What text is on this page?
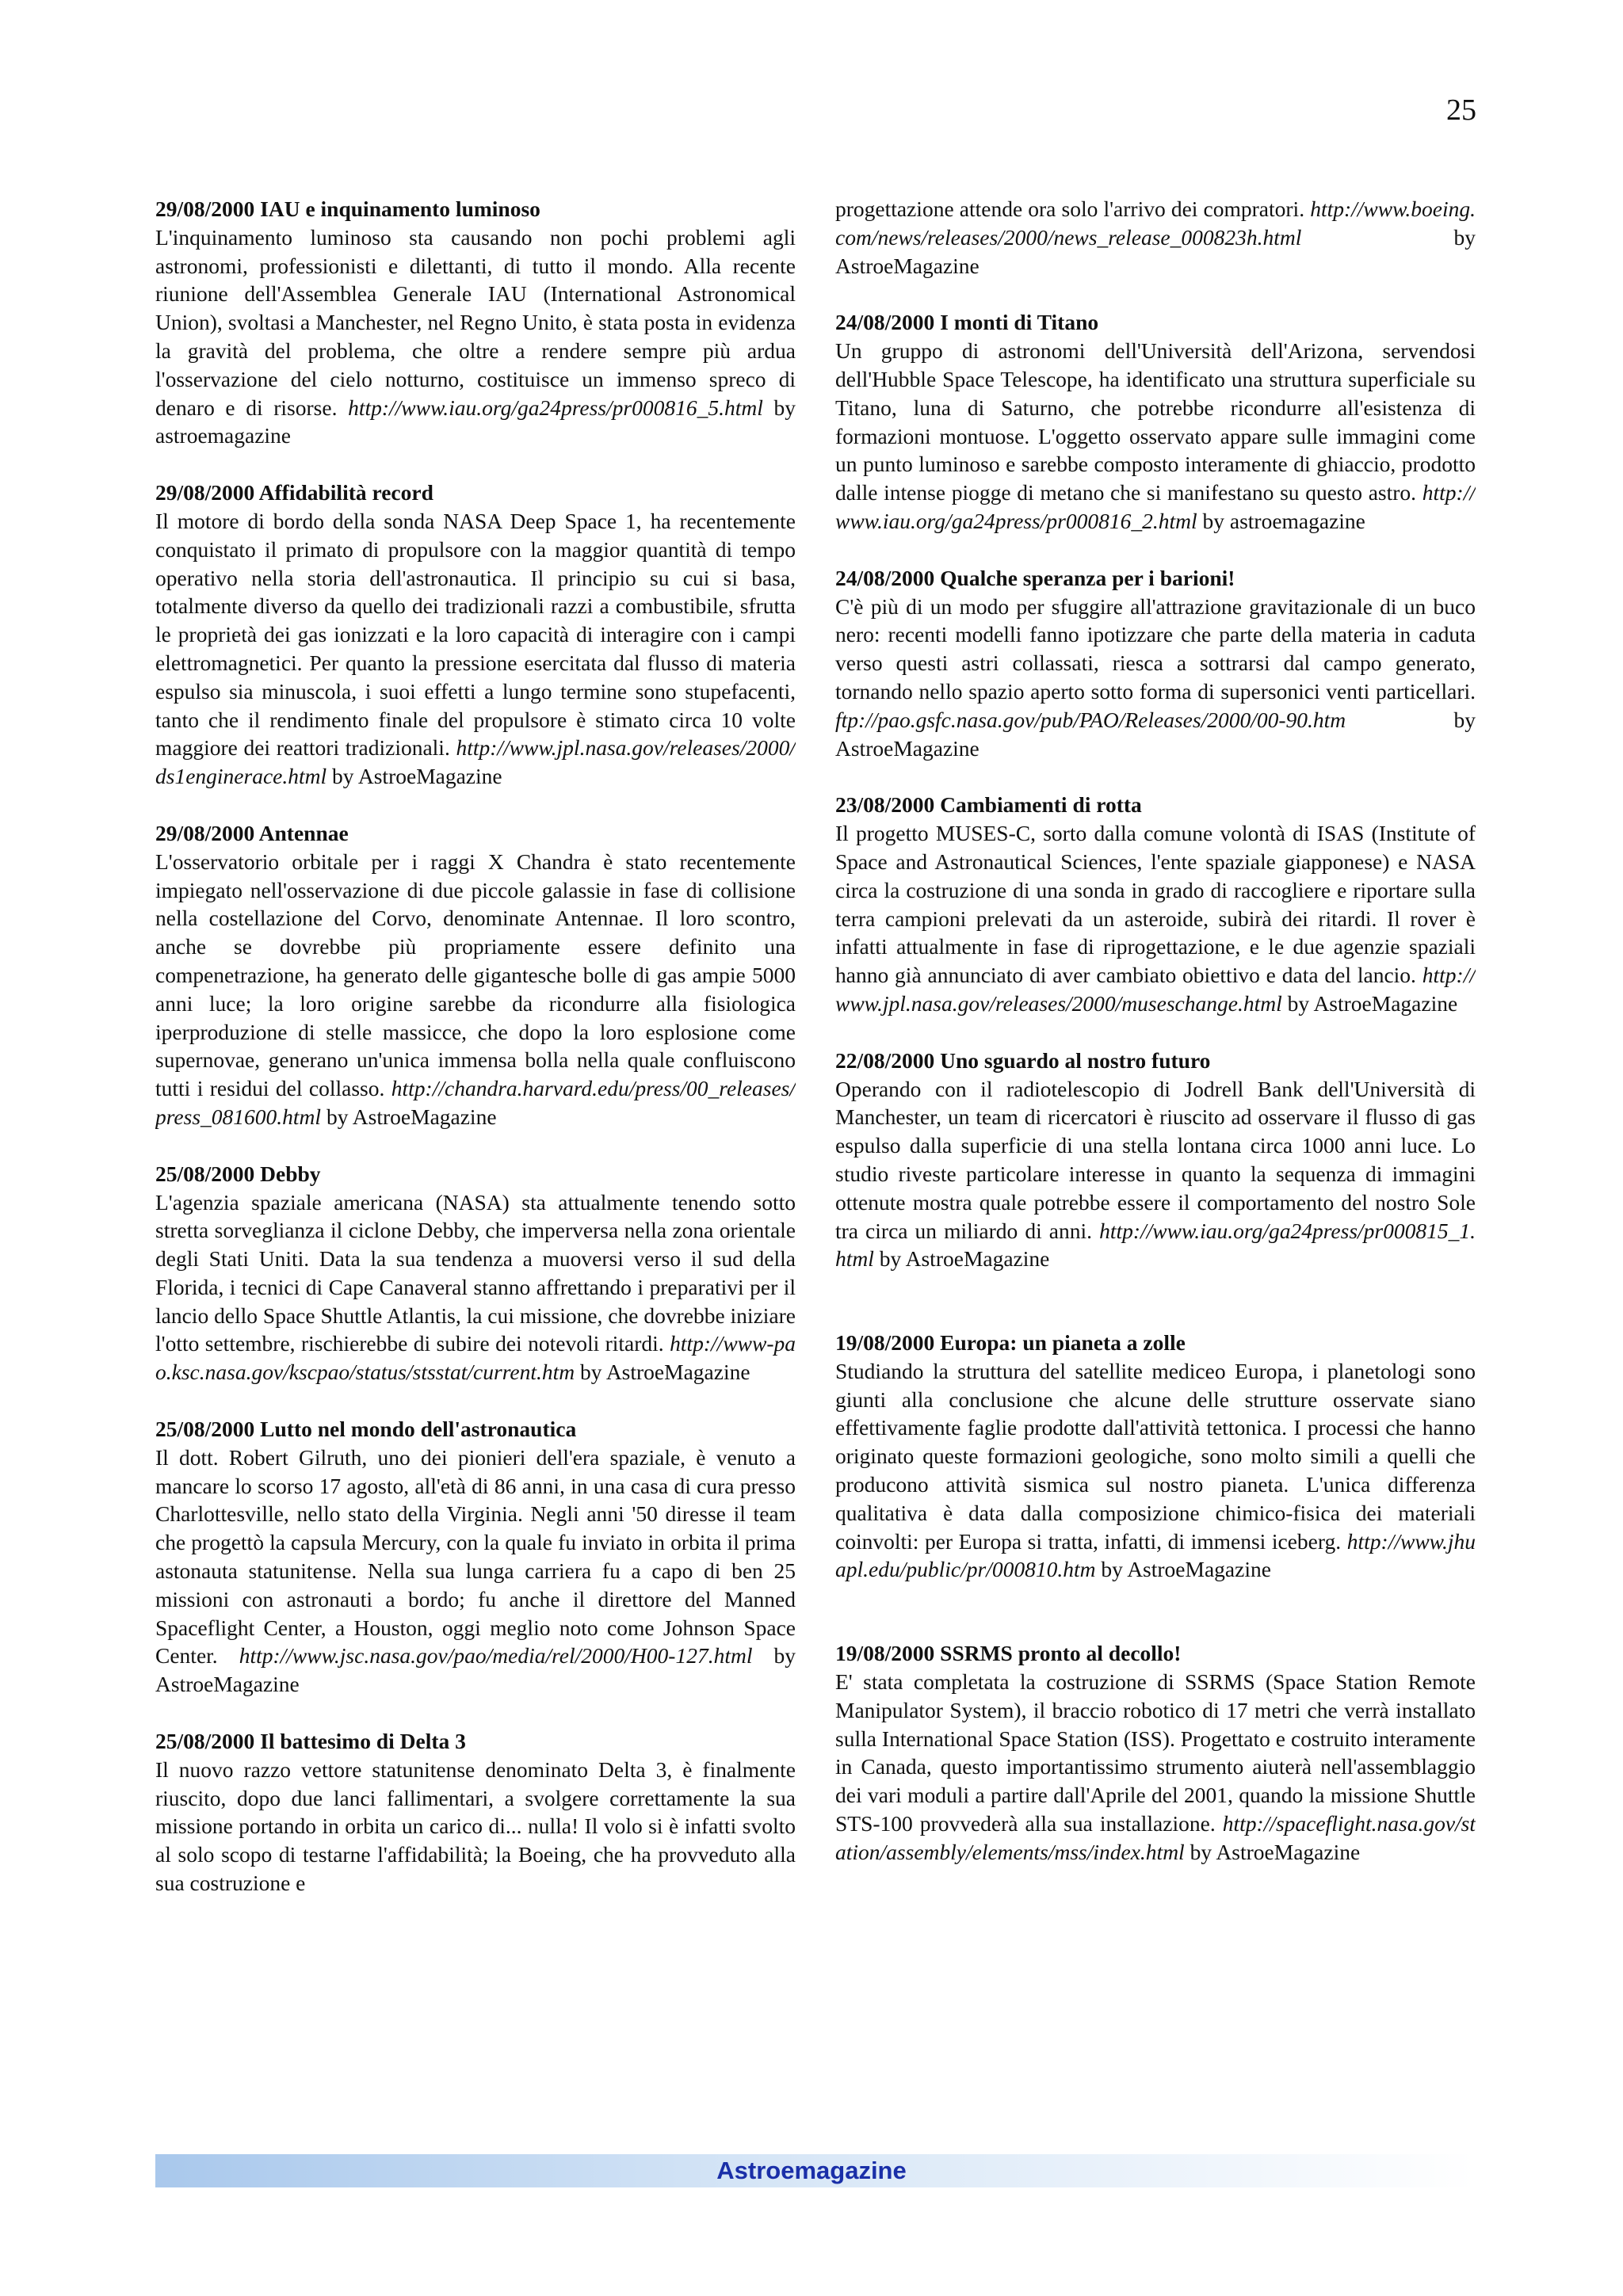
25
29/08/2000 IAU e inquinamento luminoso
L'inquinamento luminoso sta causando non pochi problemi agli astronomi, professionisti e dilettanti, di tutto il mondo. Alla recente riunione dell'Assemblea Generale IAU (International Astronomical Union), svoltasi a Manchester, nel Regno Unito, è stata posta in evidenza la gravità del problema, che oltre a rendere sempre più ardua l'osservazione del cielo notturno, costituisce un immenso spreco di denaro e di risorse. http://www.iau.org/ga24press/pr000816_5.html by astroemagazine
29/08/2000 Affidabilità record
Il motore di bordo della sonda NASA Deep Space 1, ha recentemente conquistato il primato di propulsore con la maggior quantità di tempo operativo nella storia dell'astronautica. Il principio su cui si basa, totalmente diverso da quello dei tradizionali razzi a combustibile, sfrutta le proprietà dei gas ionizzati e la loro capacità di interagire con i campi elettromagnetici. Per quanto la pressione esercitata dal flusso di materia espulso sia minuscola, i suoi effetti a lungo termine sono stupefacenti, tanto che il rendimento finale del propulsore è stimato circa 10 volte maggiore dei reattori tradizionali. http://www.jpl.nasa.gov/releases/2000/ds1enginerace.html by AstroeMagazine
29/08/2000 Antennae
L'osservatorio orbitale per i raggi X Chandra è stato recentemente impiegato nell'osservazione di due piccole galassie in fase di collisione nella costellazione del Corvo, denominate Antennae. Il loro scontro, anche se dovrebbe più propriamente essere definito una compenetrazione, ha generato delle gigantesche bolle di gas ampie 5000 anni luce; la loro origine sarebbe da ricondurre alla fisiologica iperproduzione di stelle massicce, che dopo la loro esplosione come supernovae, generano un'unica immensa bolla nella quale confluiscono tutti i residui del collasso. http://chandra.harvard.edu/press/00_releases/press_081600.html by AstroeMagazine
25/08/2000 Debby
L'agenzia spaziale americana (NASA) sta attualmente tenendo sotto stretta sorveglianza il ciclone Debby, che imperversa nella zona orientale degli Stati Uniti. Data la sua tendenza a muoversi verso il sud della Florida, i tecnici di Cape Canaveral stanno affrettando i preparativi per il lancio dello Space Shuttle Atlantis, la cui missione, che dovrebbe iniziare l'otto settembre, rischierebbe di subire dei notevoli ritardi. http://www-pao.ksc.nasa.gov/kscpao/status/stsstat/current.htm by AstroeMagazine
25/08/2000 Lutto nel mondo dell'astronautica
Il dott. Robert Gilruth, uno dei pionieri dell'era spaziale, è venuto a mancare lo scorso 17 agosto, all'età di 86 anni, in una casa di cura presso Charlottesville, nello stato della Virginia. Negli anni '50 diresse il team che progettò la capsula Mercury, con la quale fu inviato in orbita il prima astonauta statunitense. Nella sua lunga carriera fu a capo di ben 25 missioni con astronauti a bordo; fu anche il direttore del Manned Spaceflight Center, a Houston, oggi meglio noto come Johnson Space Center. http://www.jsc.nasa.gov/pao/media/rel/2000/H00-127.html by AstroeMagazine
25/08/2000 Il battesimo di Delta 3
Il nuovo razzo vettore statunitense denominato Delta 3, è finalmente riuscito, dopo due lanci fallimentari, a svolgere correttamente la sua missione portando in orbita un carico di... nulla! Il volo si è infatti svolto al solo scopo di testarne l'affidabilità; la Boeing, che ha provveduto alla sua costruzione e
progettazione attende ora solo l'arrivo dei compratori. http://www.boeing.com/news/releases/2000/news_release_000823h.html	by AstroeMagazine
24/08/2000 I monti di Titano
Un gruppo di astronomi dell'Università dell'Arizona, servendosi dell'Hubble Space Telescope, ha identificato una struttura superficiale su Titano, luna di Saturno, che potrebbe ricondurre all'esistenza di formazioni montuose. L'oggetto osservato appare sulle immagini come un punto luminoso e sarebbe composto interamente di ghiaccio, prodotto dalle intense piogge di metano che si manifestano su questo astro. http://www.iau.org/ga24press/pr000816_2.html by astroemagazine
24/08/2000 Qualche speranza per i barioni!
C'è più di un modo per sfuggire all'attrazione gravitazionale di un buco nero: recenti modelli fanno ipotizzare che parte della materia in caduta verso questi astri collassati, riesca a sottrarsi dal campo generato, tornando nello spazio aperto sotto forma di supersonici venti particellari. ftp://pao.gsfc.nasa.gov/pub/PAO/Releases/2000/00-90.htm	by AstroeMagazine
23/08/2000 Cambiamenti di rotta
Il progetto MUSES-C, sorto dalla comune volontà di ISAS (Institute of Space and Astronautical Sciences, l'ente spaziale giapponese) e NASA circa la costruzione di una sonda in grado di raccogliere e riportare sulla terra campioni prelevati da un asteroide, subirà dei ritardi. Il rover è infatti attualmente in fase di riprogettazione, e le due agenzie spaziali hanno già annunciato di aver cambiato obiettivo e data del lancio. http://www.jpl.nasa.gov/releases/2000/museschange.html by AstroeMagazine
22/08/2000 Uno sguardo al nostro futuro
Operando con il radiotelescopio di Jodrell Bank dell'Università di Manchester, un team di ricercatori è riuscito ad osservare il flusso di gas espulso dalla superficie di una stella lontana circa 1000 anni luce. Lo studio riveste particolare interesse in quanto la sequenza di immagini ottenute mostra quale potrebbe essere il comportamento del nostro Sole tra circa un miliardo di anni. http://www.iau.org/ga24press/pr000815_1.html by AstroeMagazine
19/08/2000 Europa: un pianeta a zolle
Studiando la struttura del satellite mediceo Europa, i planetologi sono giunti alla conclusione che alcune delle strutture osservate siano effettivamente faglie prodotte dall'attività tettonica. I processi che hanno originato queste formazioni geologiche, sono molto simili a quelli che producono attività sismica sul nostro pianeta. L'unica differenza qualitativa è data dalla composizione chimico-fisica dei materiali coinvolti: per Europa si tratta, infatti, di immensi iceberg. http://www.jhuapl.edu/public/pr/000810.htm by AstroeMagazine
19/08/2000 SSRMS pronto al decollo!
E' stata completata la costruzione di SSRMS (Space Station Remote Manipulator System), il braccio robotico di 17 metri che verrà installato sulla International Space Station (ISS). Progettato e costruito interamente in Canada, questo importantissimo strumento aiuterà nell'assemblaggio dei vari moduli a partire dall'Aprile del 2001, quando la missione Shuttle STS-100 provvederà alla sua installazione. http://spaceflight.nasa.gov/station/assembly/elements/mss/index.html by AstroeMagazine
Astroemagazine
